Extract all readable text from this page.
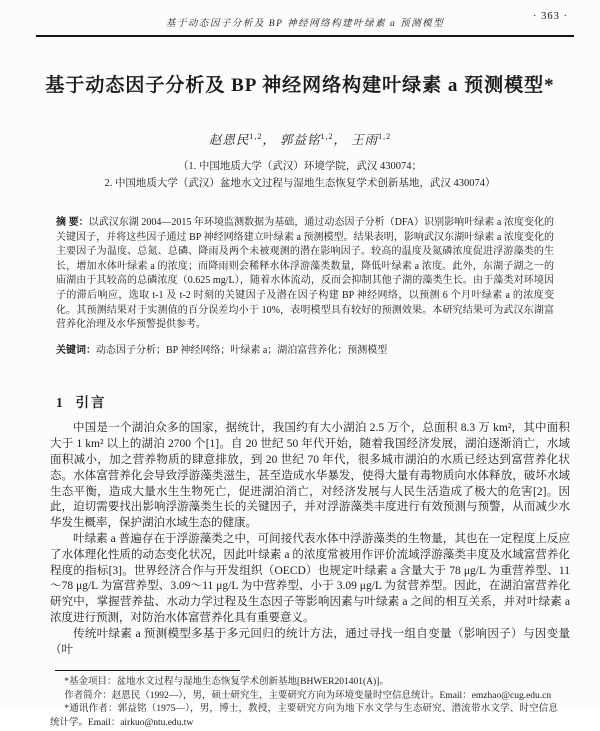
基于动态因子分析及 BP 神经网络构建叶绿素 a 预测模型
· 363 ·
基于动态因子分析及 BP 神经网络构建叶绿素 a 预测模型*
赵恩民$^{1,2}$， 郭益铭$^{1,2}$， 王雨$^{1,2}$
（1. 中国地质大学（武汉）环境学院，武汉 430074；
2. 中国地质大学（武汉）盆地水文过程与湿地生态恢复学术创新基地，武汉 430074）
摘 要：以武汉东湖 2004—2015 年环境监测数据为基础，通过动态因子分析（DFA）识别影响叶绿素 a 浓度变化的关键因子，并将这些因子通过 BP 神经网络建立叶绿素 a 预测模型。结果表明，影响武汉东湖叶绿素 a 浓度变化的主要因子为温度、总氮、总磷、降雨及两个未被观测的潜在影响因子。较高的温度及氮磷浓度促进浮游藻类的生长，增加水体叶绿素 a 的浓度；而降雨则会稀释水体浮游藻类数量，降低叶绿素 a 浓度。此外，东湖子湖之一的庙湖由于其较高的总磷浓度（0.625 mg/L），随着水体流动，反而会抑制其他子湖的藻类生长。由于藻类对环境因子的滞后响应，选取 t-1 及 t-2 时刻的关键因子及潜在因子构建 BP 神经网络，以预测 6 个月叶绿素 a 的浓度变化。其预测结果对于实测值的百分误差均小于 10%，表明模型具有较好的预测效果。本研究结果可为武汉东湖富营养化治理及水华预警提供参考。
关键词：动态因子分析；BP 神经网络；叶绿素 a；湖泊富营养化；预测模型
1 引言

中国是一个湖泊众多的国家，据统计，我国约有大小湖泊 2.5 万个，总面积 8.3 万 km²，其中面积大于 1 km² 以上的湖泊 2700 个[1]。自 20 世纪 50 年代开始，随着我国经济发展，湖泊逐渐消亡，水域面积减小，加之营养物质的肆意排放，到 20 世纪 70 年代，很多城市湖泊的水质已经达到富营养化状态。水体富营养化会导致浮游藻类滋生，甚至造成水华暴发，使得大量有毒物质向水体释放，破坏水域生态平衡，造成大量水生生物死亡，促进湖泊消亡，对经济发展与人民生活造成了极大的危害[2]。因此，迫切需要找出影响浮游藻类生长的关键因子，并对浮游藻类丰度进行有效预测与预警，从而减少水华发生概率，保护湖泊水域生态的健康。

叶绿素 a 普遍存在于浮游藻类之中，可间接代表水体中浮游藻类的生物量，其也在一定程度上反应了水体理化性质的动态变化状况，因此叶绿素 a 的浓度常被用作评价流域浮游藻类丰度及水域富营养化程度的指标[3]。世界经济合作与开发组织（OECD）也规定叶绿素 a 含量大于 78 μg/L 为重营养型、11～78 μg/L 为富营养型、3.09～11 μg/L 为中营养型、小于 3.09 μg/L 为贫营养型。因此，在湖泊富营养化研究中，掌握营养盐、水动力学过程及生态因子等影响因素与叶绿素 a 之间的相互关系，并对叶绿素 a 浓度进行预测，对防治水体富营养化具有重要意义。

传统叶绿素 a 预测模型多基于多元回归的统计方法，通过寻找一组自变量（影响因子）与因变量（叶

*基金项目：盆地水文过程与湿地生态恢复学术创新基地[BHWER201401(A)]。

作者简介：赵恩民（1992—），男，硕士研究生，主要研究方向为环境变量时空信息统计。Email：emzhao@cug.edu.cn

*通讯作者：郭益铭（1975—），男，博士，教授，主要研究方向为地下水文学与生态研究、潜流带水文学、时空信息统计学。Email：airkuo@ntu.edu.tw
